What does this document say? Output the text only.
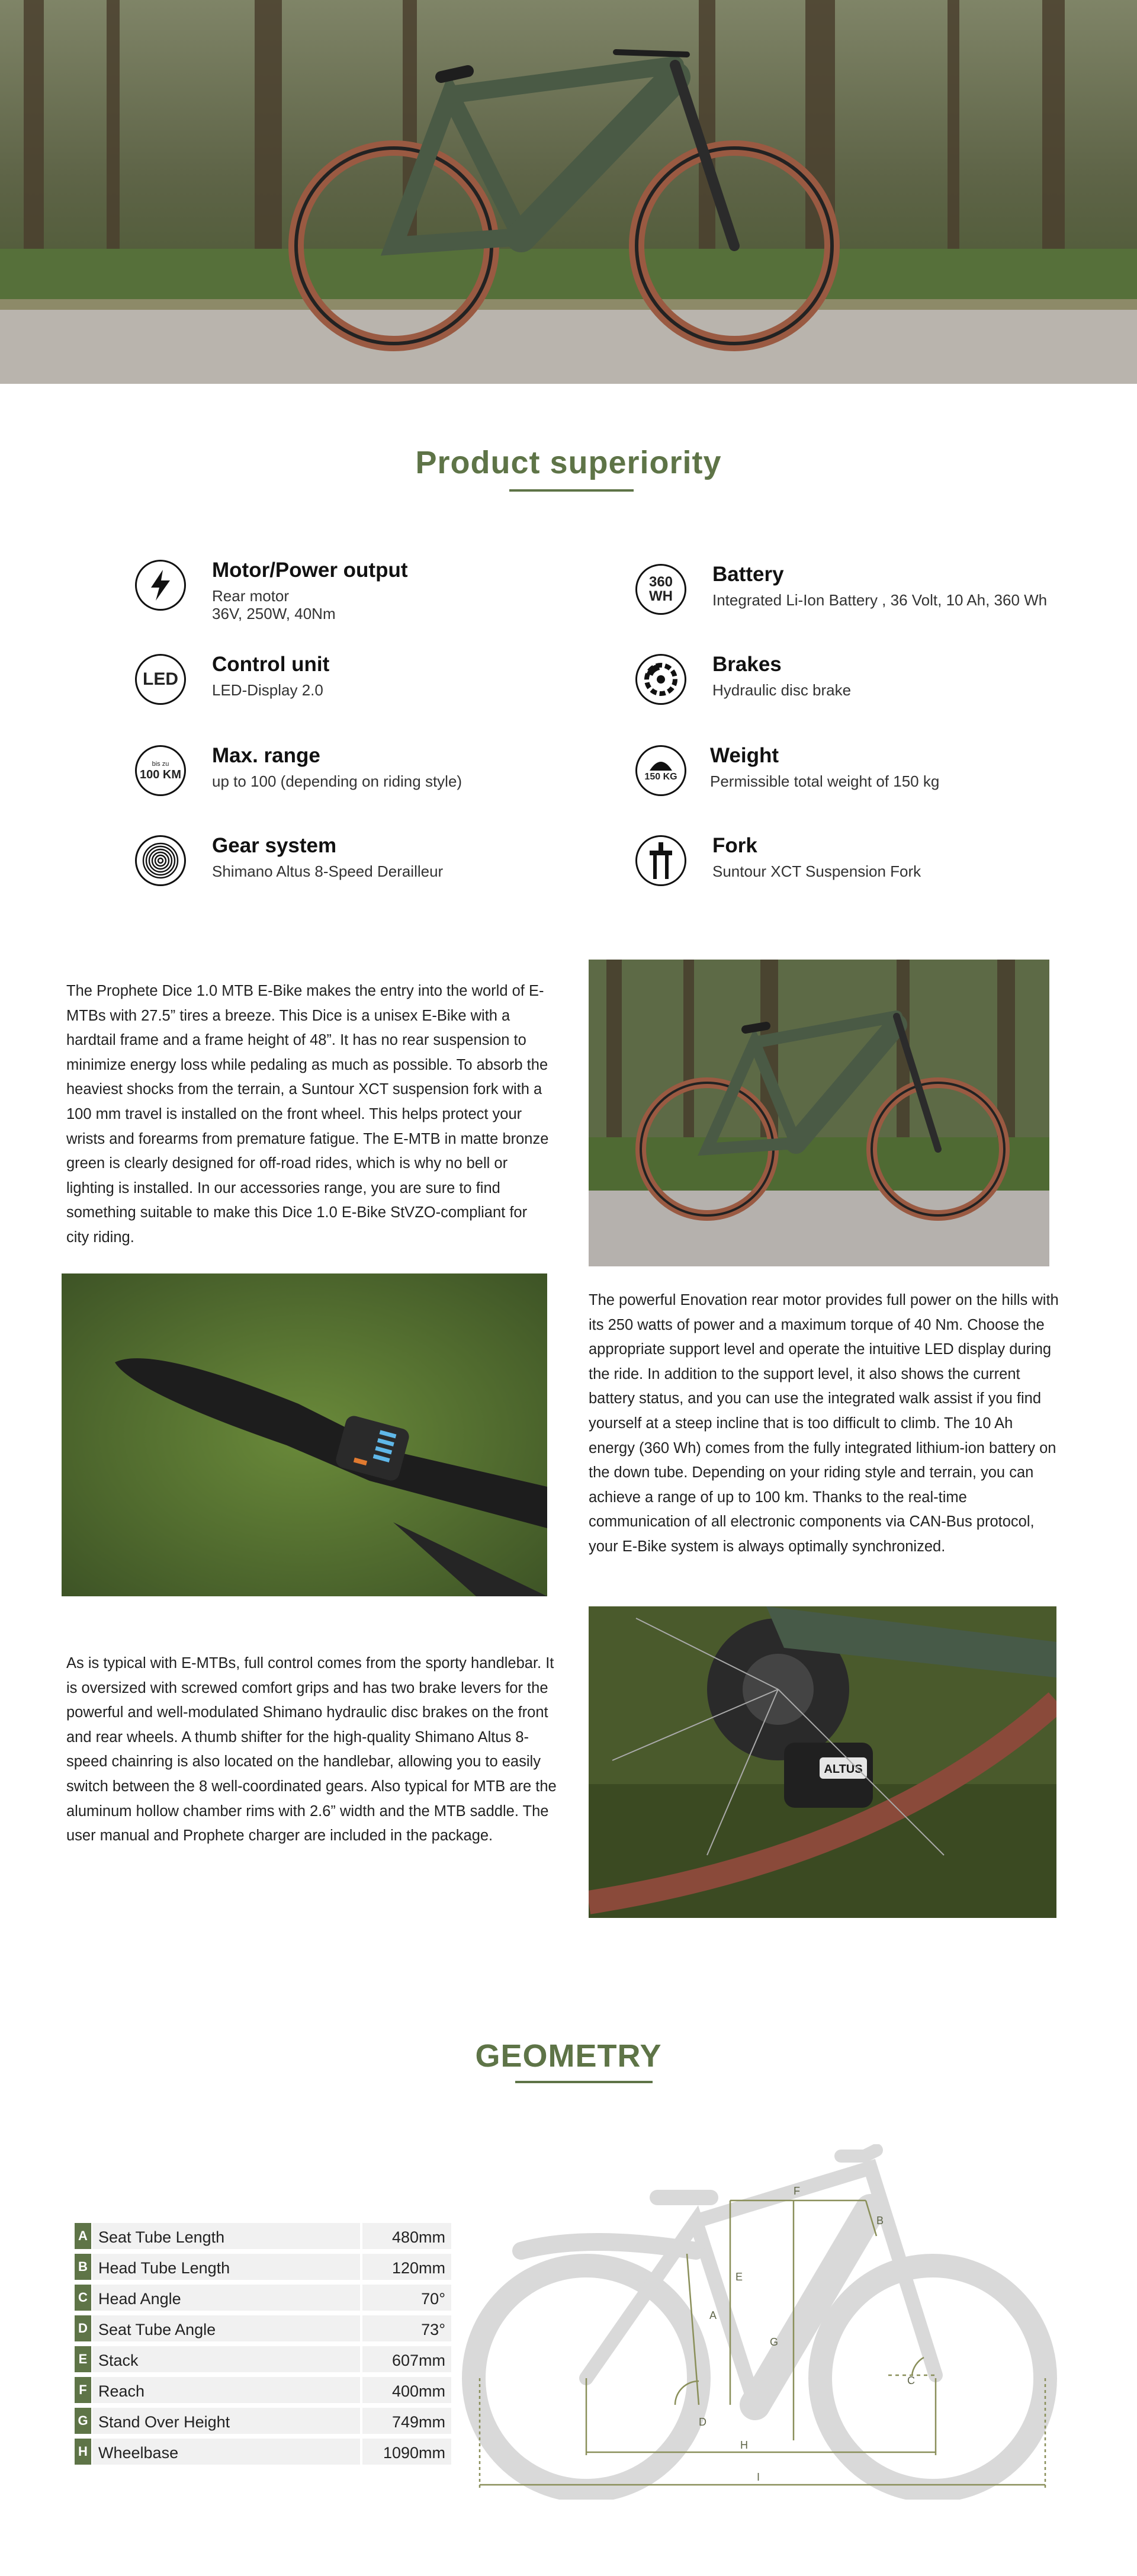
Product superiority
Motor/Power output
Rear motor
36V, 250W, 40Nm
360
WH
Battery
Integrated Li-Ion Battery , 36 Volt, 10 Ah, 360 Wh
LED
Control unit
LED-Display 2.0
Brakes
Hydraulic disc brake
bis zu
100 KM
Max. range
up to 100 (depending on riding style)	150 KG
Weight
Permissible total weight of 150 kg
Gear system
Shimano Altus 8-Speed Derailleur
Fork
Suntour XCT Suspension Fork
The Prophete Dice 1.0 MTB E-Bike makes the entry into the world of E-MTBs with 27.5” tires a breeze. This Dice is a unisex E-Bike with a hardtail frame and a frame height of 48”. It has no rear suspension to minimize energy loss while pedaling as much as possible. To absorb the heaviest shocks from the terrain, a Suntour XCT suspension fork with a 100 mm travel is installed on the front wheel. This helps protect your wrists and forearms from premature fatigue. The E-MTB in matte bronze green is clearly designed for off-road rides, which is why no bell or lighting is installed. In our accessories range, you are sure to find something suitable to make this Dice 1.0 E-Bike StVZO-compliant for city riding.
The powerful Enovation rear motor provides full power on the hills with its 250 watts of power and a maximum torque of 40 Nm. Choose the appropriate support level and operate the intuitive LED display during the ride. In addition to the support level, it also shows the current battery status, and you can use the integrated walk assist if you find yourself at a steep incline that is too difficult to climb. The 10 Ah energy (360 Wh) comes from the fully integrated lithium-ion battery on the down tube. Depending on your riding style and terrain, you can achieve a range of up to 100 km. Thanks to the real-time communication of all electronic components via CAN-Bus protocol, your E-Bike system is always optimally synchronized.
As is typical with E-MTBs, full control comes from the sporty handlebar. It is oversized with screwed comfort grips and has two brake levers for the powerful and well-modulated Shimano hydraulic disc brakes on the front and rear wheels. A thumb shifter for the high-quality Shimano Altus 8-speed chainring is also located on the handlebar, allowing you to easily switch between the 8 well-coordinated gears. Also typical for MTB are the aluminum hollow chamber rims with 2.6” width and the MTB saddle. The user manual and Prophete charger are included in the package.
ALTUS
GEOMETRY
A Seat Tube Length	480mm
B Head Tube Length	120mm
C Head Angle	70°
D Seat Tube Angle	73°
E Stack	607mm
F Reach	400mm
G Stand Over Height	749mm
H Wheelbase	1090mm
A
B
C
D
E
F
G
H
I
